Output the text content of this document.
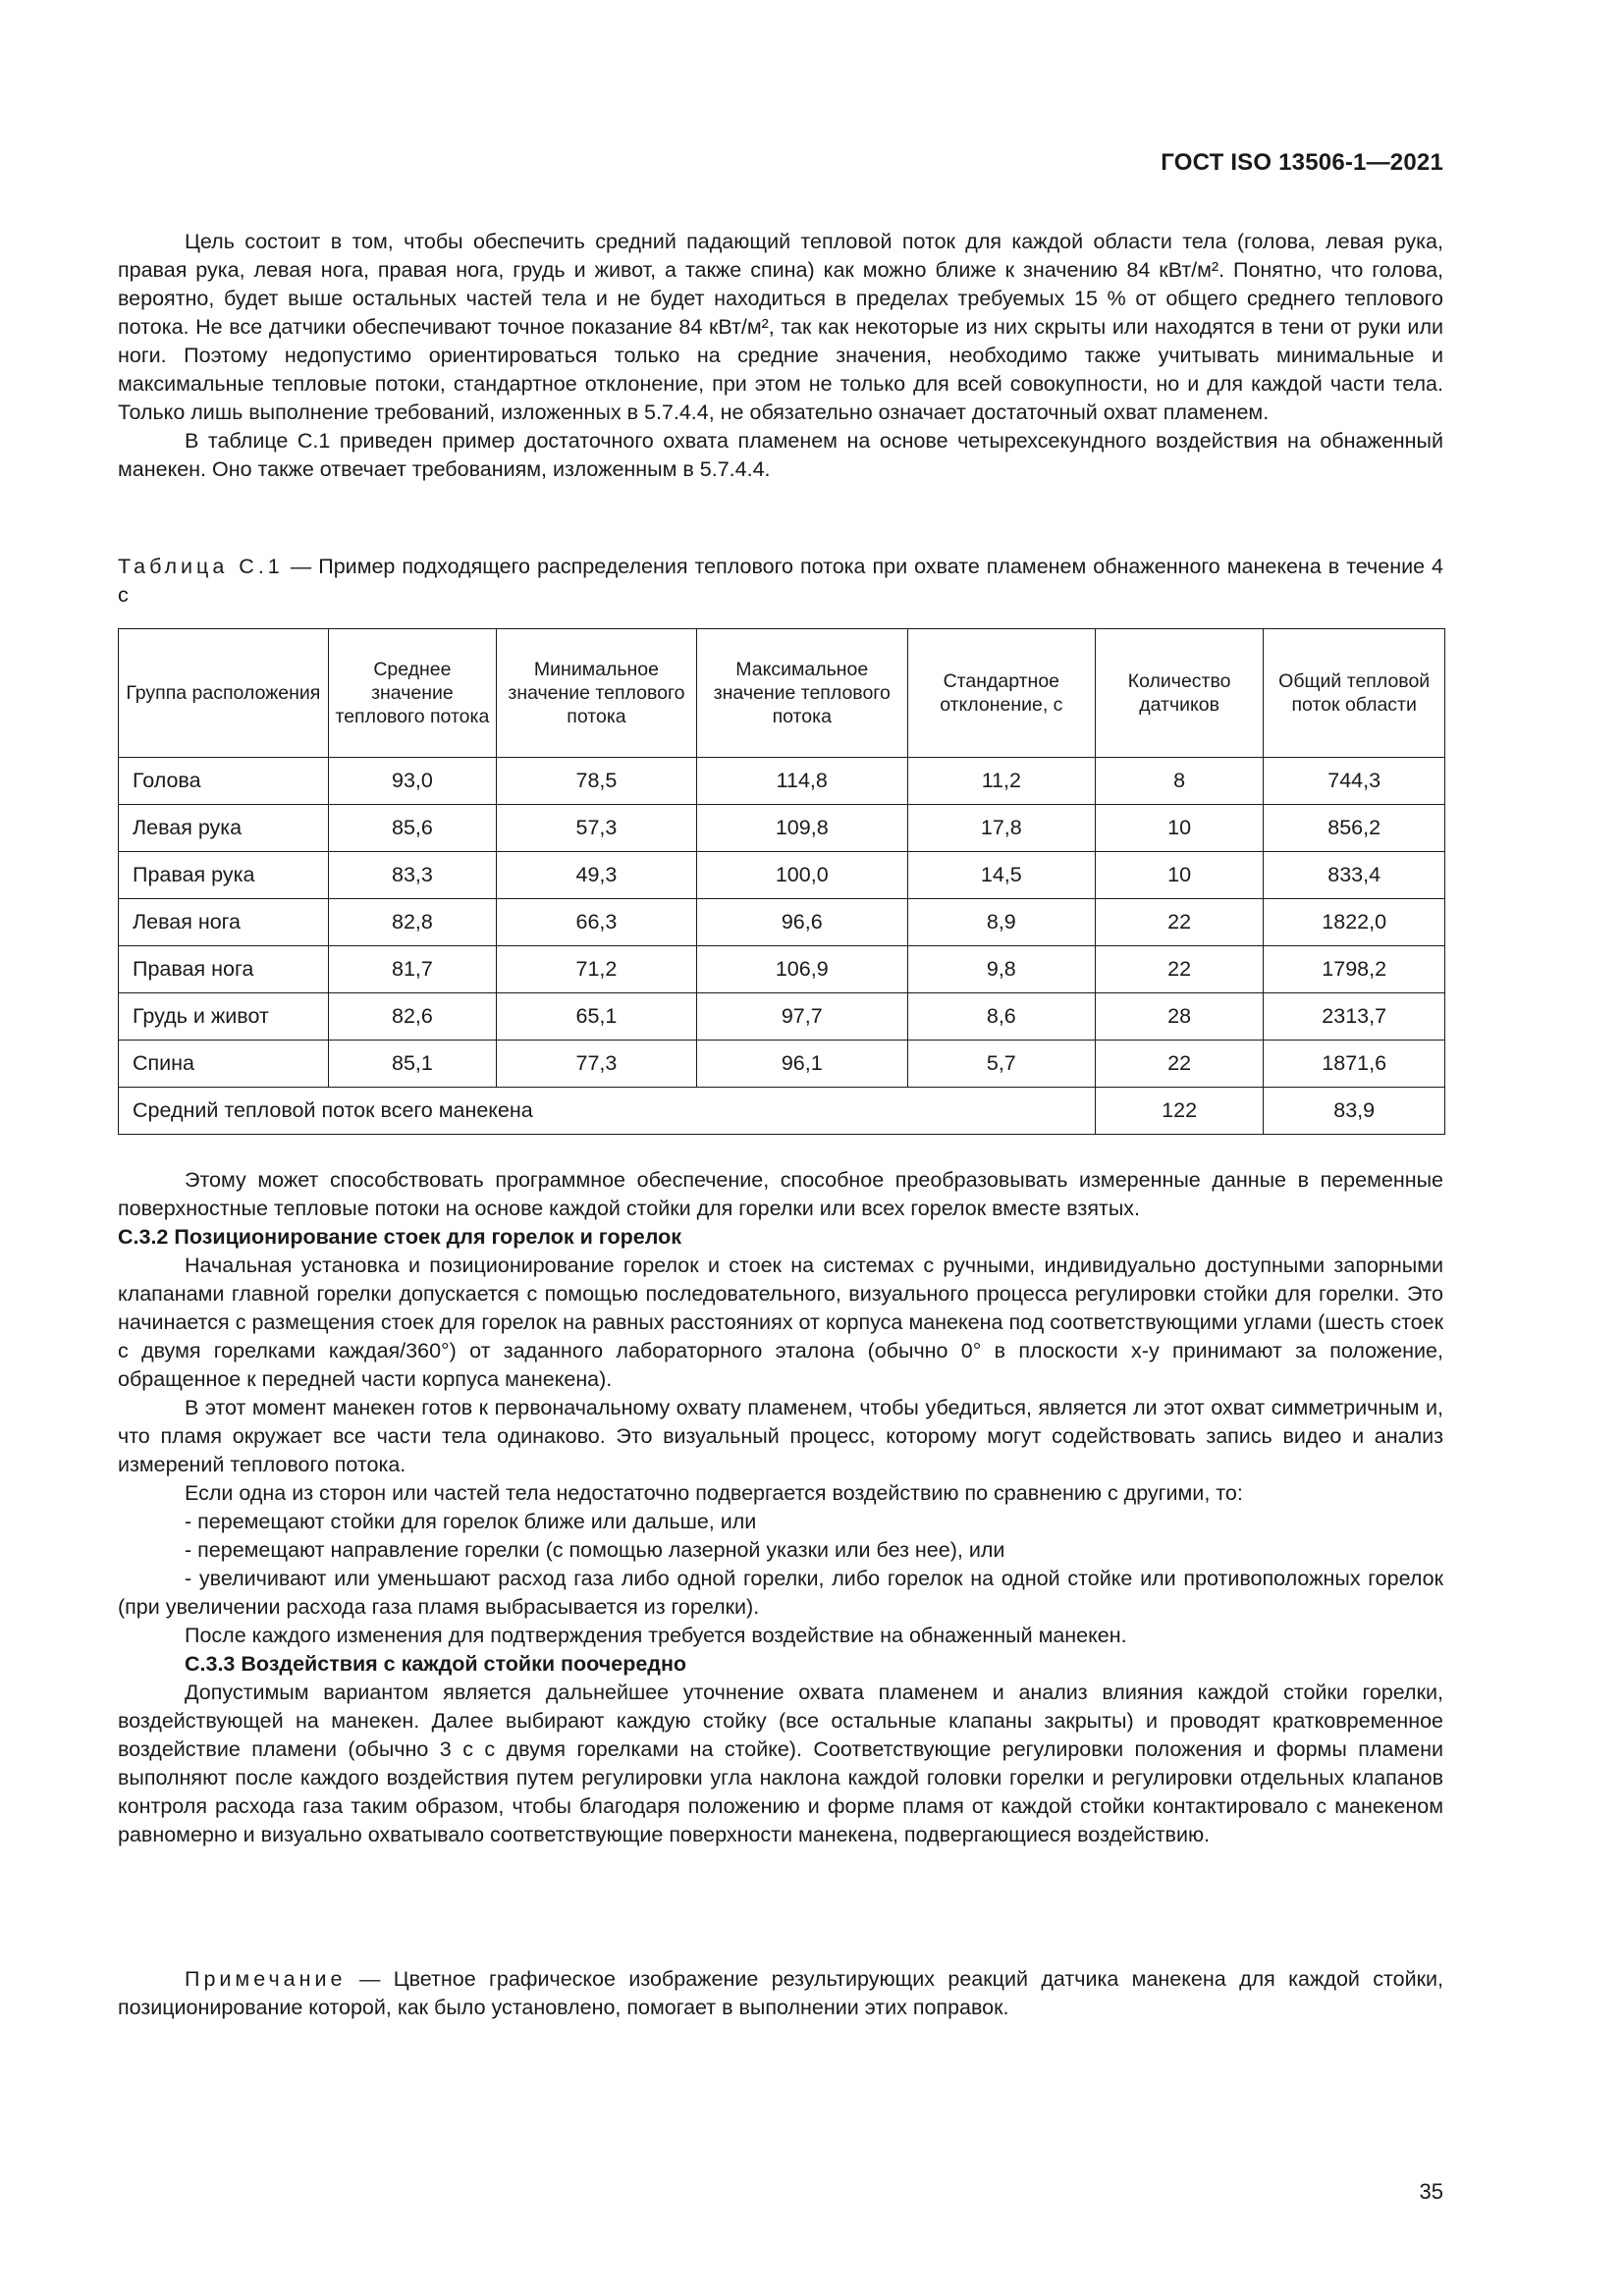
ГОСТ ISO 13506-1—2021

Цель состоит в том, чтобы обеспечить средний падающий тепловой поток для каждой области тела (голова, левая рука, правая рука, левая нога, правая нога, грудь и живот, а также спина) как можно ближе к значению 84 кВт/м². Понятно, что голова, вероятно, будет выше остальных частей тела и не будет находиться в пределах требуемых 15 % от общего среднего теплового потока. Не все датчики обеспечивают точное показание 84 кВт/м², так как некоторые из них скрыты или находятся в тени от руки или ноги. Поэтому недопустимо ориентироваться только на средние значения, необходимо также учитывать минимальные и максимальные тепловые потоки, стандартное отклонение, при этом не только для всей совокупности, но и для каждой части тела. Только лишь выполнение требований, изложенных в 5.7.4.4, не обязательно означает достаточный охват пламенем.

В таблице С.1 приведен пример достаточного охвата пламенем на основе четырехсекундного воздействия на обнаженный манекен. Оно также отвечает требованиям, изложенным в 5.7.4.4.

Таблица С.1 — Пример подходящего распределения теплового потока при охвате пламенем обнаженного манекена в течение 4 с
Группа расположения	Среднее значение теплового потока	Минимальное значение теплового потока	Максимальное значение теплового потока	Стандартное отклонение, с	Количество датчиков	Общий тепловой поток области
Голова	93,0	78,5	114,8	11,2	8	744,3
Левая рука	85,6	57,3	109,8	17,8	10	856,2
Правая рука	83,3	49,3	100,0	14,5	10	833,4
Левая нога	82,8	66,3	96,6	8,9	22	1822,0
Правая нога	81,7	71,2	106,9	9,8	22	1798,2
Грудь и живот	82,6	65,1	97,7	8,6	28	2313,7
Спина	85,1	77,3	96,1	5,7	22	1871,6
Средний тепловой поток всего манекена					122	83,9

Этому может способствовать программное обеспечение, способное преобразовывать измеренные данные в переменные поверхностные тепловые потоки на основе каждой стойки для горелки или всех горелок вместе взятых.

С.3.2 Позиционирование стоек для горелок и горелок

Начальная установка и позиционирование горелок и стоек на системах с ручными, индивидуально доступными запорными клапанами главной горелки допускается с помощью последовательного, визуального процесса регулировки стойки для горелки. Это начинается с размещения стоек для горелок на равных расстояниях от корпуса манекена под соответствующими углами (шесть стоек с двумя горелками каждая/360°) от заданного лабораторного эталона (обычно 0° в плоскости x-y принимают за положение, обращенное к передней части корпуса манекена).

В этот момент манекен готов к первоначальному охвату пламенем, чтобы убедиться, является ли этот охват симметричным и, что пламя окружает все части тела одинаково. Это визуальный процесс, которому могут содействовать запись видео и анализ измерений теплового потока.

Если одна из сторон или частей тела недостаточно подвергается воздействию по сравнению с другими, то:

- перемещают стойки для горелок ближе или дальше, или

- перемещают направление горелки (с помощью лазерной указки или без нее), или

- увеличивают или уменьшают расход газа либо одной горелки, либо горелок на одной стойке или противоположных горелок (при увеличении расхода газа пламя выбрасывается из горелки).

После каждого изменения для подтверждения требуется воздействие на обнаженный манекен.

С.3.3 Воздействия с каждой стойки поочередно

Допустимым вариантом является дальнейшее уточнение охвата пламенем и анализ влияния каждой стойки горелки, воздействующей на манекен. Далее выбирают каждую стойку (все остальные клапаны закрыты) и проводят кратковременное воздействие пламени (обычно 3 с с двумя горелками на стойке). Соответствующие регулировки положения и формы пламени выполняют после каждого воздействия путем регулировки угла наклона каждой головки горелки и регулировки отдельных клапанов контроля расхода газа таким образом, чтобы благодаря положению и форме пламя от каждой стойки контактировало с манекеном равномерно и визуально охватывало соответствующие поверхности манекена, подвергающиеся воздействию.

Примечание — Цветное графическое изображение результирующих реакций датчика манекена для каждой стойки, позиционирование которой, как было установлено, помогает в выполнении этих поправок.

35
